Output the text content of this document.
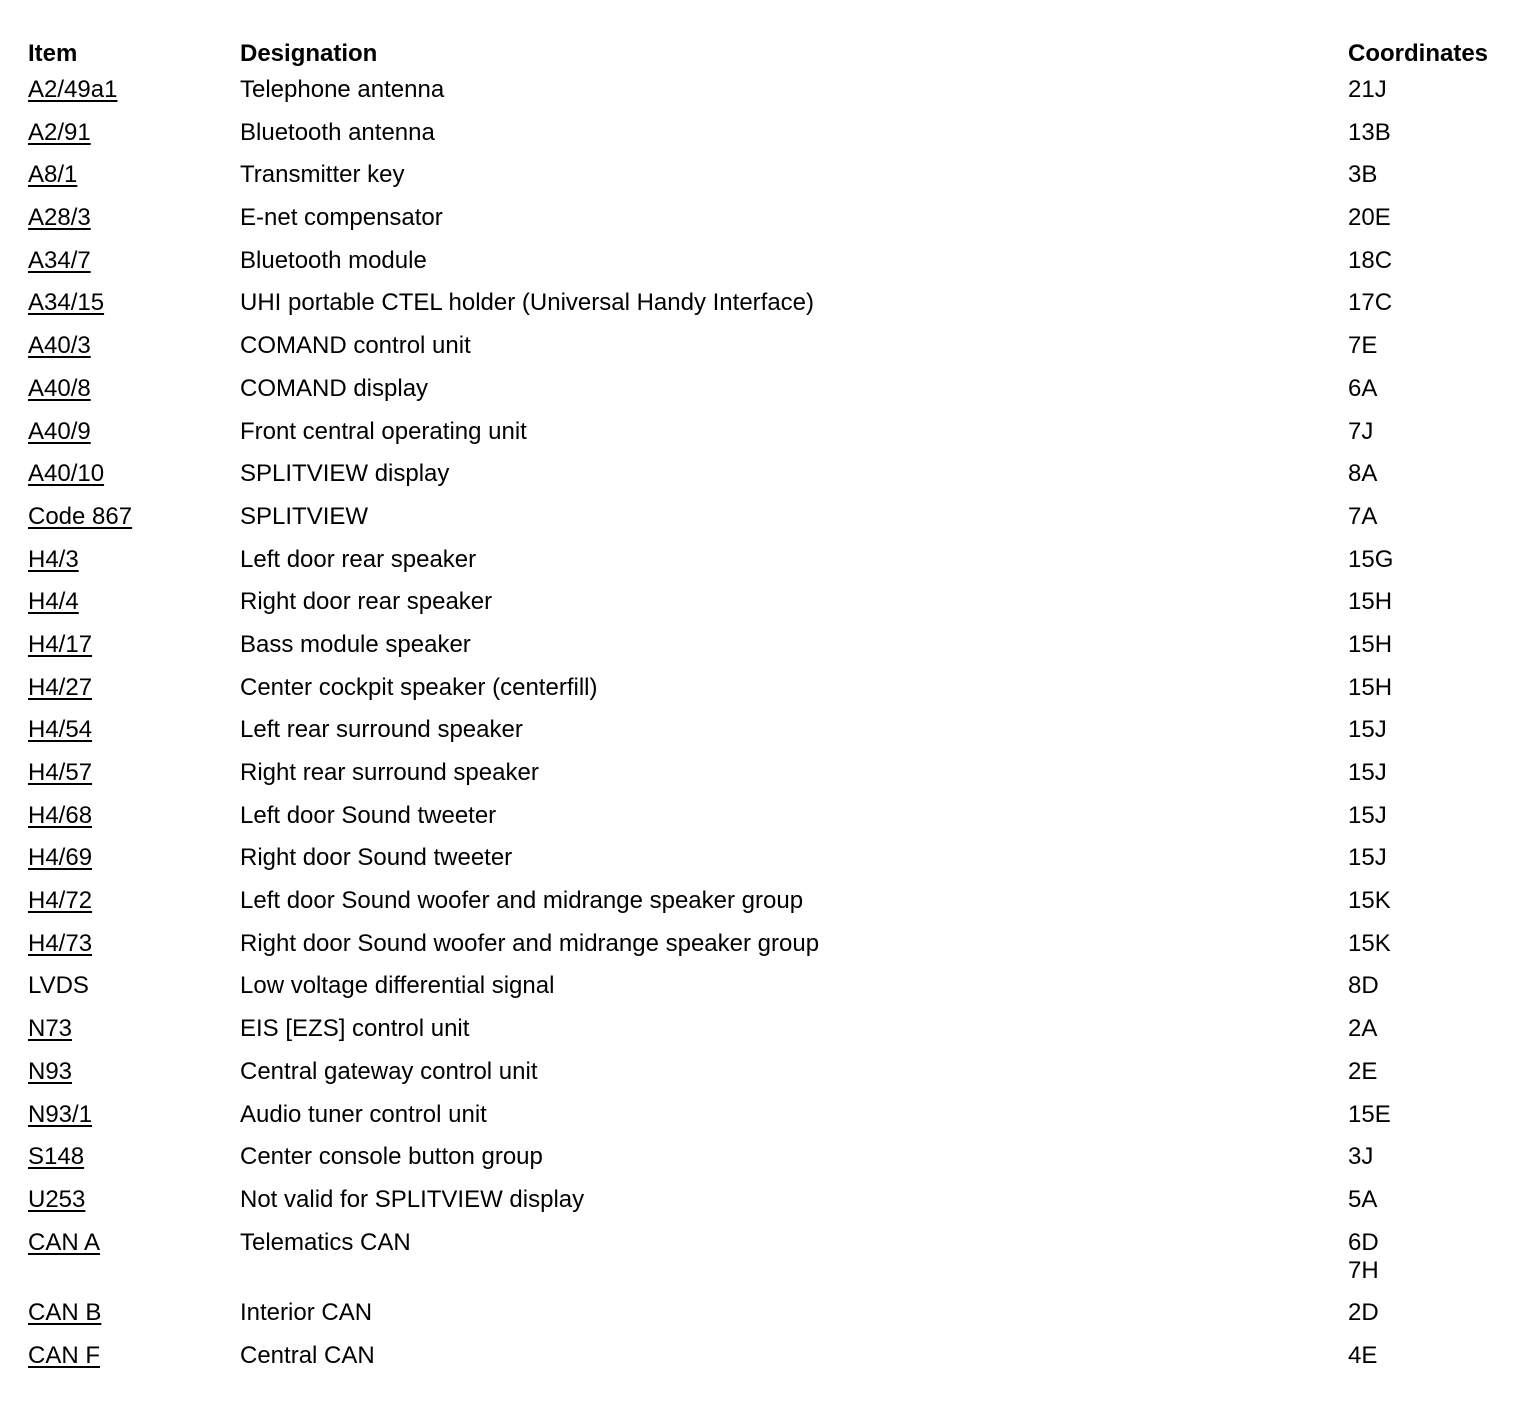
Item	Designation	Coordinates
A2/49a1	Telephone antenna	21J

A2/91	Bluetooth antenna	13B

A8/1	Transmitter key	3B

A28/3	E-net compensator	20E

A34/7	Bluetooth module	18C

A34/15	UHI portable CTEL holder (Universal Handy Interface)	17C

A40/3	COMAND control unit	7E

A40/8	COMAND display	6A

A40/9	Front central operating unit	7J

A40/10	SPLITVIEW display	8A

Code 867	SPLITVIEW	7A

H4/3	Left door rear speaker	15G

H4/4	Right door rear speaker	15H

H4/17	Bass module speaker	15H

H4/27	Center cockpit speaker (centerfill)	15H

H4/54	Left rear surround speaker	15J

H4/57	Right rear surround speaker	15J

H4/68	Left door Sound tweeter	15J

H4/69	Right door Sound tweeter	15J

H4/72	Left door Sound woofer and midrange speaker group	15K

H4/73	Right door Sound woofer and midrange speaker group	15K

LVDS	Low voltage differential signal	8D

N73	EIS [EZS] control unit	2A

N93	Central gateway control unit	2E

N93/1	Audio tuner control unit	15E

S148	Center console button group	3J

U253	Not valid for SPLITVIEW display	5A

CAN A	Telematics CAN	6D
7H

CAN B	Interior CAN	2D

CAN F	Central CAN	4E
